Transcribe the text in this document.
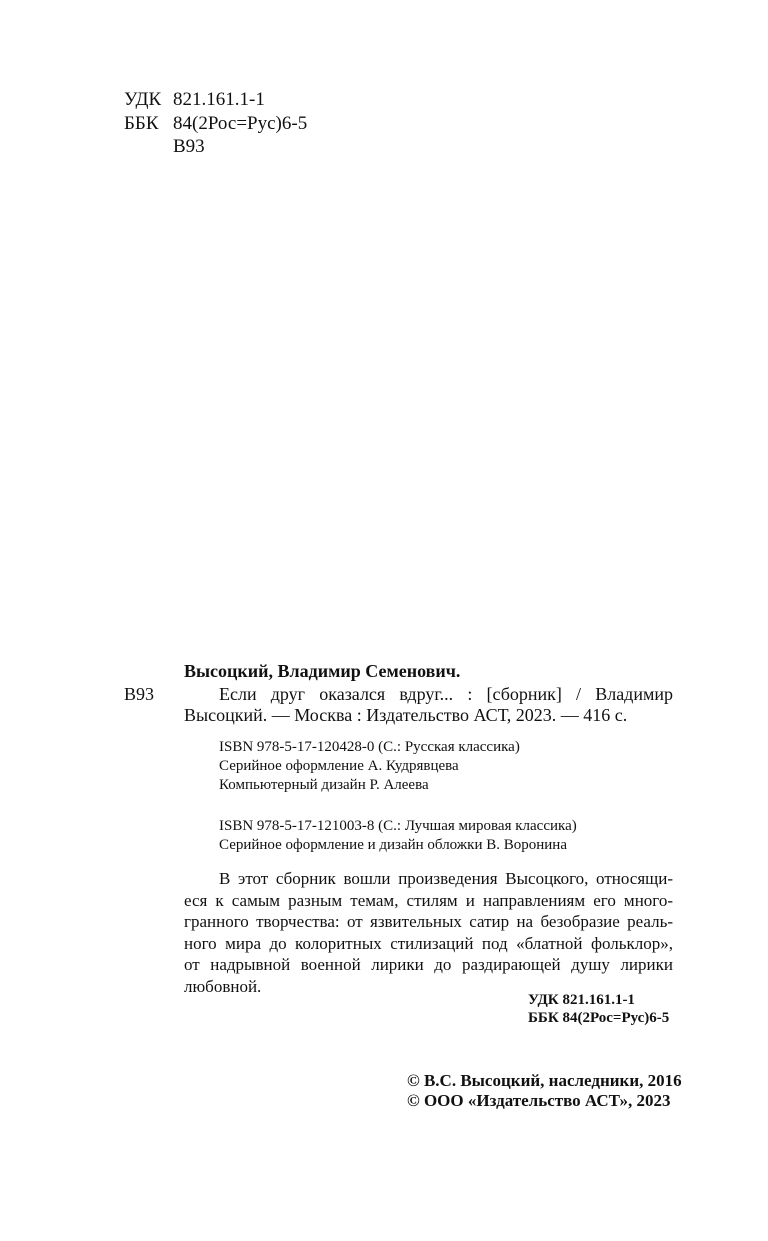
УДК 821.161.1-1
ББК 84(2Рос=Рус)6-5
В93
Высоцкий, Владимир Семенович.
В93	Если друг оказался вдруг... : [сборник] / Владимир
Высоцкий. — Москва : Издательство АСТ, 2023. — 416 с.
ISBN 978-5-17-120428-0 (С.: Русская классика)
Серийное оформление А. Кудрявцева
Компьютерный дизайн Р. Алеева
ISBN 978-5-17-121003-8 (С.: Лучшая мировая классика)
Серийное оформление и дизайн обложки В. Воронина
В этот сборник вошли произведения Высоцкого, относящи-
еся к самым разным темам, стилям и направлениям его много-
гранного творчества: от язвительных сатир на безобразие реаль-
ного мира до колоритных стилизаций под «блатной фольклор»,
от надрывной военной лирики до раздирающей душу лирики
любовной.
УДК 821.161.1-1
ББК 84(2Рос=Рус)6-5
© В.С. Высоцкий, наследники, 2016
© ООО «Издательство АСТ», 2023
